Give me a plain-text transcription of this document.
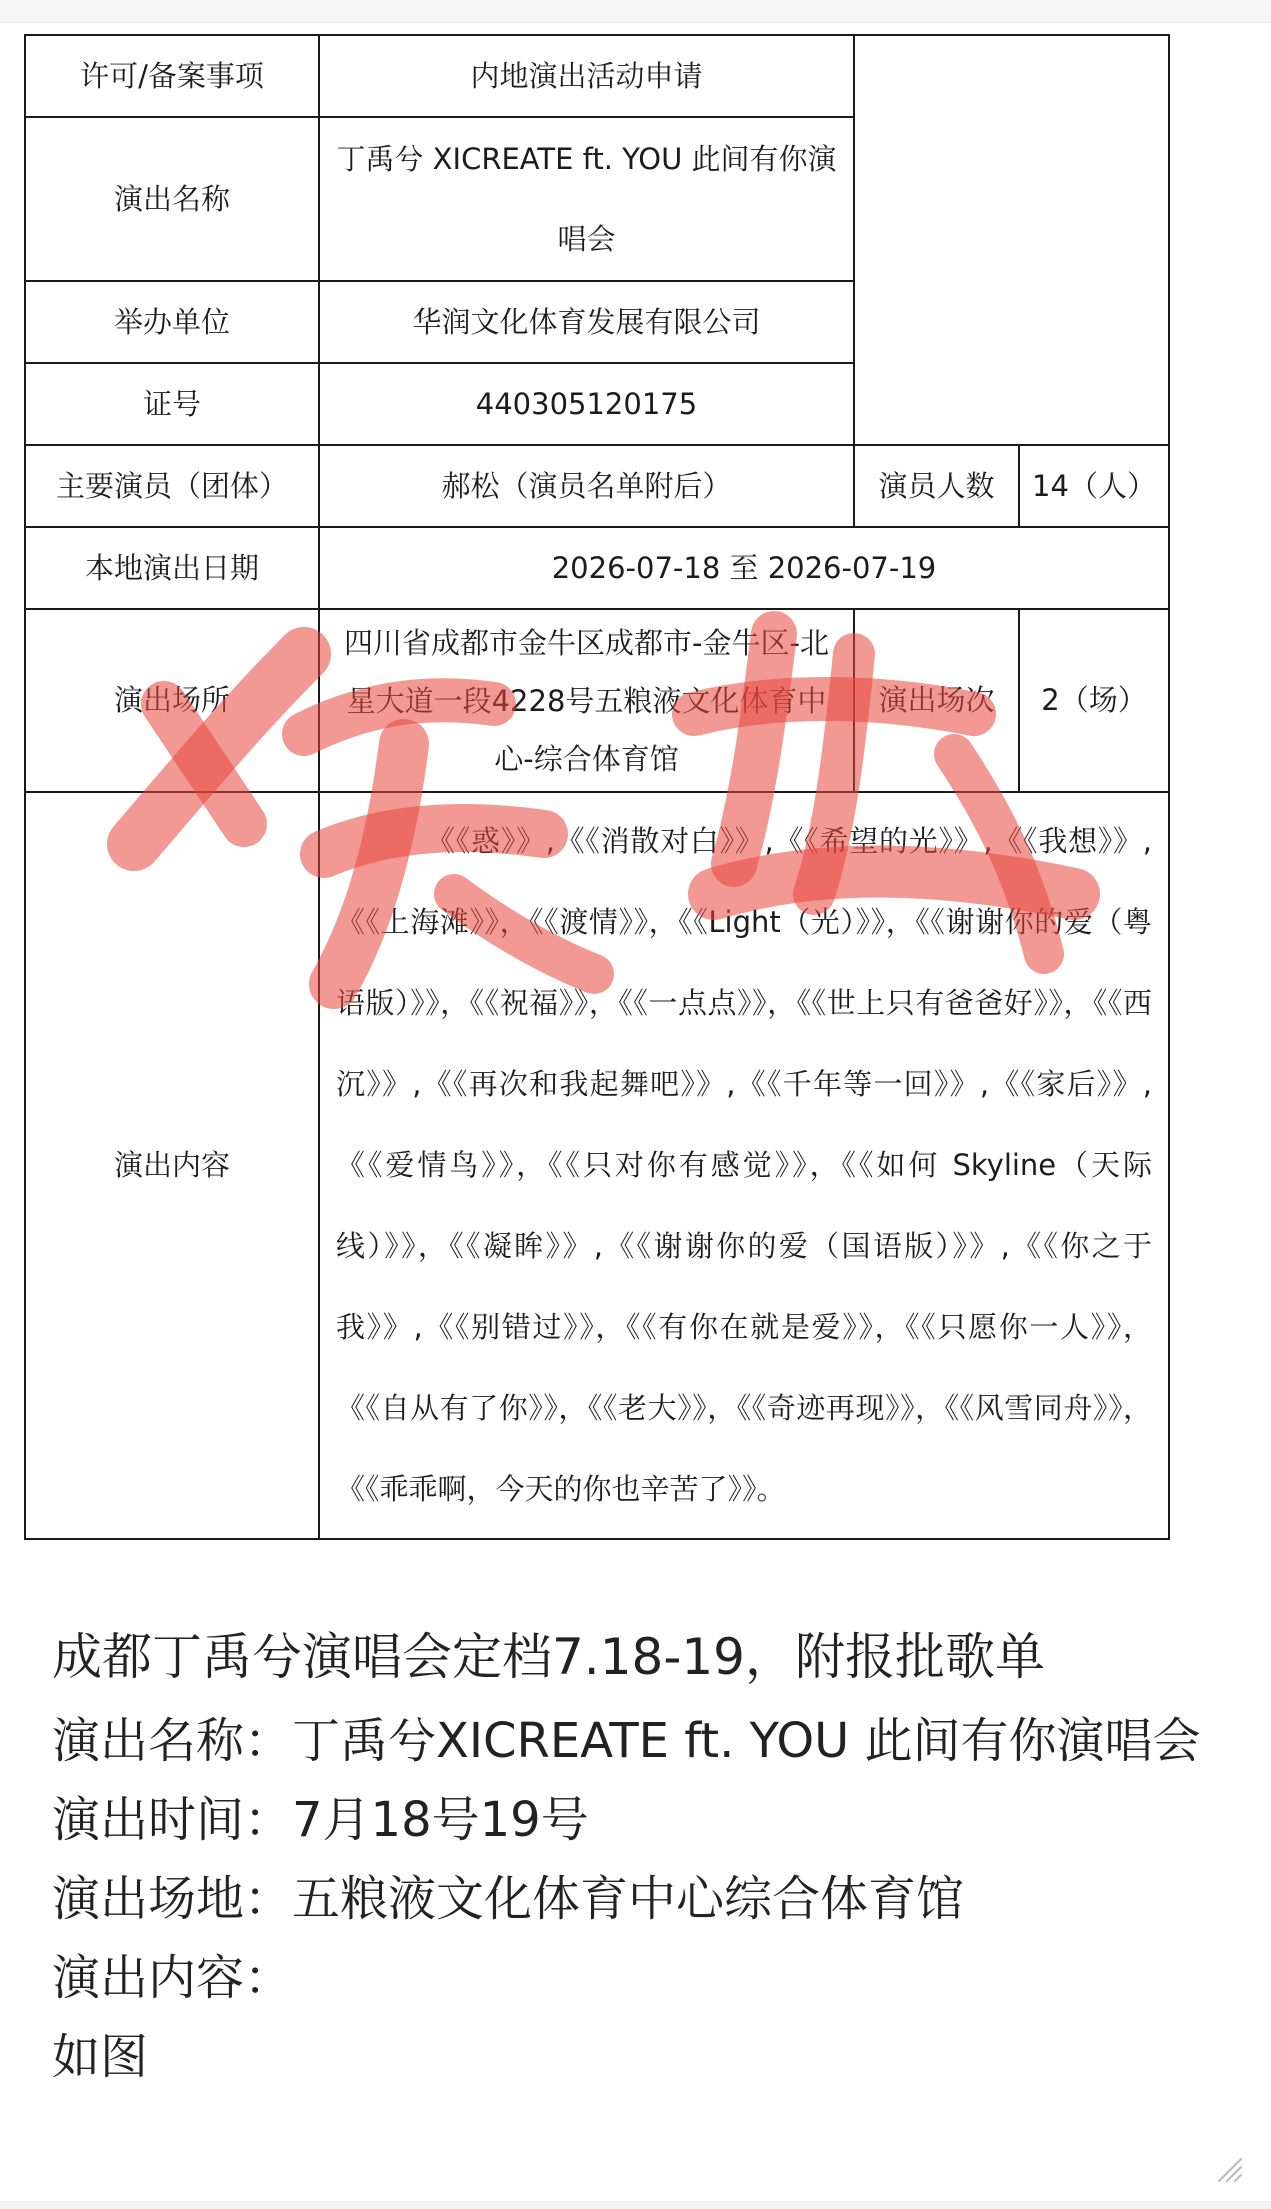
许可/备案事项	内地演出活动申请		
演出名称	丁禹兮 XICREATE ft. YOU 此间有你演唱会		
举办单位	华润文化体育发展有限公司		
证号	440305120175		
主要演员（团体）	郝松（演员名单附后）	演员人数	14（人）
本地演出日期	2026-07-18 至 2026-07-19		
演出场所	四川省成都市金牛区成都市-金牛区-北星大道一段4228号五粮液文化体育中心-综合体育馆	演出场次	2（场）
演出内容	《《惑》》,《《消散对白》》,《《希望的光》》,《《我想》》,《《上海滩》》，《《渡情》》，《《Light（光）》》，《《谢谢你的爱（粤语版）》》，《《祝福》》，《《一点点》》，《《世上只有爸爸好》》，《《西沉》》,《《再次和我起舞吧》》,《《千年等一回》》,《《家后》》,《《爱情鸟》》，《《只对你有感觉》》，《《如何 Skyline（天际线）》》，《《凝眸》》,《《谢谢你的爱（国语版）》》,《《你之于我》》,《《别错过》》，《《有你在就是爱》》，《《只愿你一人》》，《《自从有了你》》，《《老大》》，《《奇迹再现》》，《《风雪同舟》》，《《乖乖啊，今天的你也辛苦了》》。		
成都丁禹兮演唱会定档7.18-19，附报批歌单

演出名称：丁禹兮XICREATE ft. YOU 此间有你演唱会

演出时间：7月18号19号

演出场地：五粮液文化体育中心综合体育馆

演出内容：

如图
